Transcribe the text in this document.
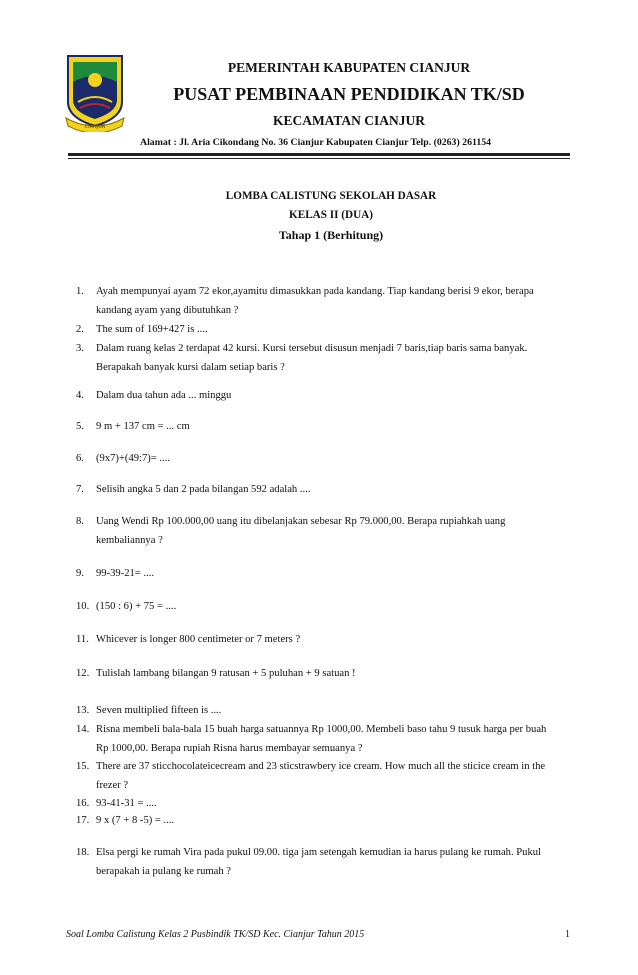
CIANJUR
PEMERINTAH KABUPATEN CIANJUR
PUSAT PEMBINAAN PENDIDIKAN TK/SD
KECAMATAN CIANJUR
Alamat : Jl. Aria Cikondang No. 36 Cianjur Kabupaten Cianjur Telp. (0263) 261154
LOMBA CALISTUNG SEKOLAH DASAR
KELAS II (DUA)
Tahap 1 (Berhitung)
1.	Ayah mempunyai ayam 72 ekor,ayamitu dimasukkan pada kandang. Tiap kandang berisi 9 ekor, berapa kandang ayam yang dibutuhkan ?
2.	The sum of 169+427 is ....
3.	Dalam ruang kelas 2 terdapat 42 kursi. Kursi tersebut disusun menjadi 7 baris,tiap baris sama banyak. Berapakah banyak kursi dalam setiap baris ?
4.	Dalam dua tahun ada ... minggu
5.	9 m + 137 cm = ... cm
6.	(9x7)+(49:7)= ....
7.	Selisih angka 5 dan 2 pada bilangan 592 adalah ....
8.	Uang Wendi Rp 100.000,00 uang itu dibelanjakan sebesar Rp 79.000,00. Berapa rupiahkah uang kembaliannya ?
9.	99-39-21= ....
10. (150 : 6) + 75 = ....
11. Whicever is longer 800 centimeter or 7 meters ?
12. Tulislah lambang bilangan 9 ratusan + 5 puluhan + 9 satuan !
13. Seven multiplied fifteen is ....
14. Risna membeli bala-bala 15 buah harga satuannya Rp 1000,00. Membeli baso tahu 9 tusuk harga per buah Rp 1000,00. Berapa rupiah Risna harus membayar semuanya ?
15. There are 37 sticchocolateicecream and 23 sticstrawbery ice cream. How much all the sticice cream in the frezer ?
16. 93-41-31 = ....
17. 9 x (7 + 8 -5) = ....
18. Elsa pergi ke rumah Vira pada pukul 09.00. tiga jam setengah kemudian ia harus pulang ke rumah. Pukul berapakah ia pulang ke rumah ?
Soal Lomba Calistung Kelas 2 Pusbindik TK/SD Kec. Cianjur Tahun 2015	1
